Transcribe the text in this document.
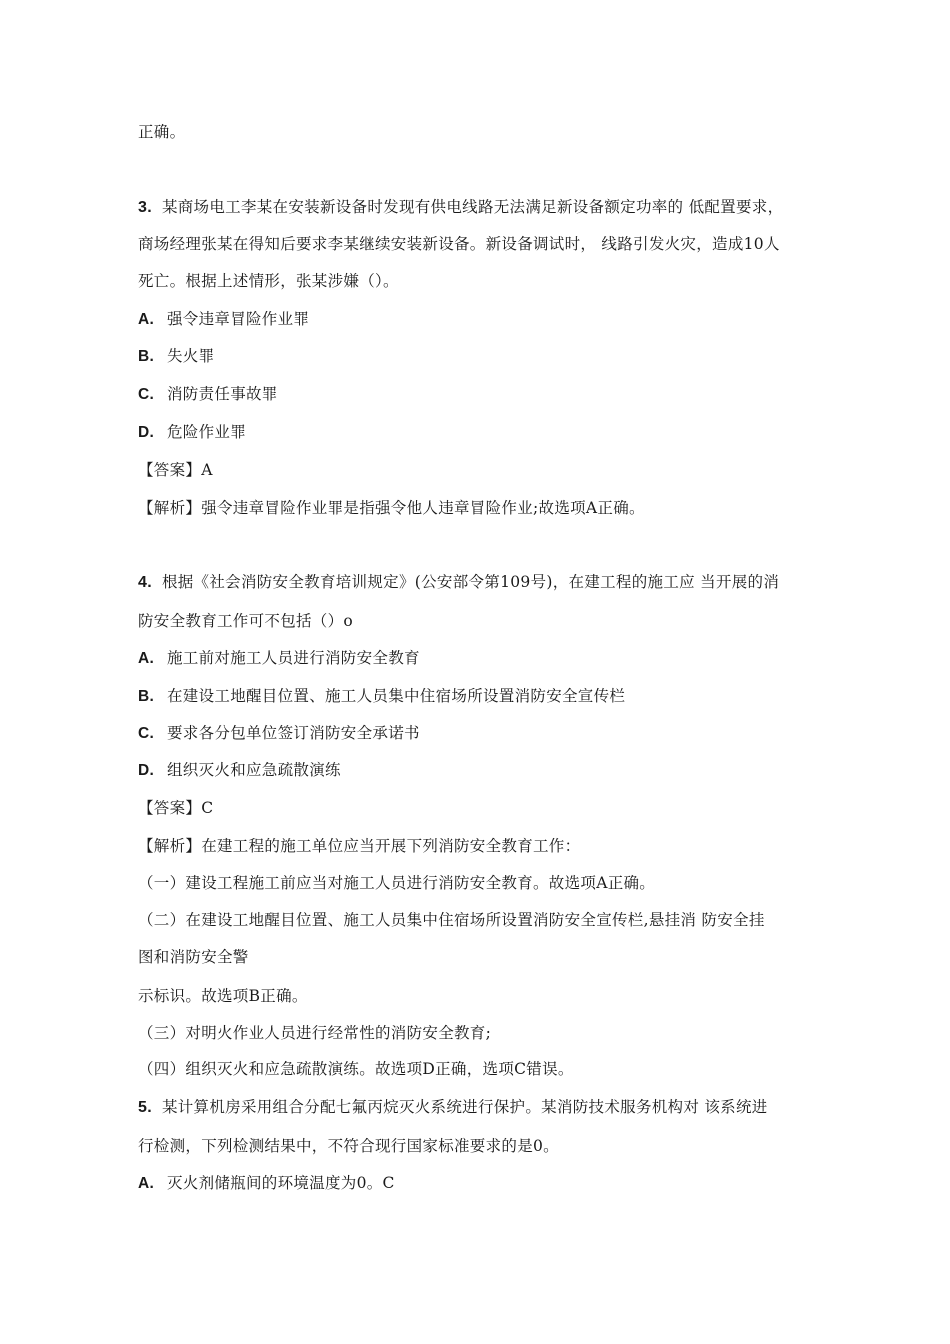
正确。
3. 某商场电工李某在安装新设备时发现有供电线路无法满足新设备额定功率的 低配置要求，
商场经理张某在得知后要求李某继续安装新设备。新设备调试时， 线路引发火灾，造成10人
死亡。根据上述情形，张某涉嫌（）。
A. 强令违章冒险作业罪
B. 失火罪
C. 消防责任事故罪
D. 危险作业罪
【答案】A
【解析】强令违章冒险作业罪是指强令他人违章冒险作业;故选项A正确。
4. 根据《社会消防安全教育培训规定》(公安部令第109号)，在建工程的施工应 当开展的消
防安全教育工作可不包括（）o
A. 施工前对施工人员进行消防安全教育
B. 在建设工地醒目位置、施工人员集中住宿场所设置消防安全宣传栏
C. 要求各分包单位签订消防安全承诺书
D. 组织灭火和应急疏散演练
【答案】C
【解析】在建工程的施工单位应当开展下列消防安全教育工作：
（一）建设工程施工前应当对施工人员进行消防安全教育。故选项A正确。
（二）在建设工地醒目位置、施工人员集中住宿场所设置消防安全宣传栏,悬挂消 防安全挂
图和消防安全警
示标识。故选项B正确。
（三）对明火作业人员进行经常性的消防安全教育;
（四）组织灭火和应急疏散演练。故选项D正确，选项C错误。
5. 某计算机房采用组合分配七氟丙烷灭火系统进行保护。某消防技术服务机构对 该系统进
行检测，下列检测结果中，不符合现行国家标准要求的是0。
A. 灭火剂储瓶间的环境温度为0。C
